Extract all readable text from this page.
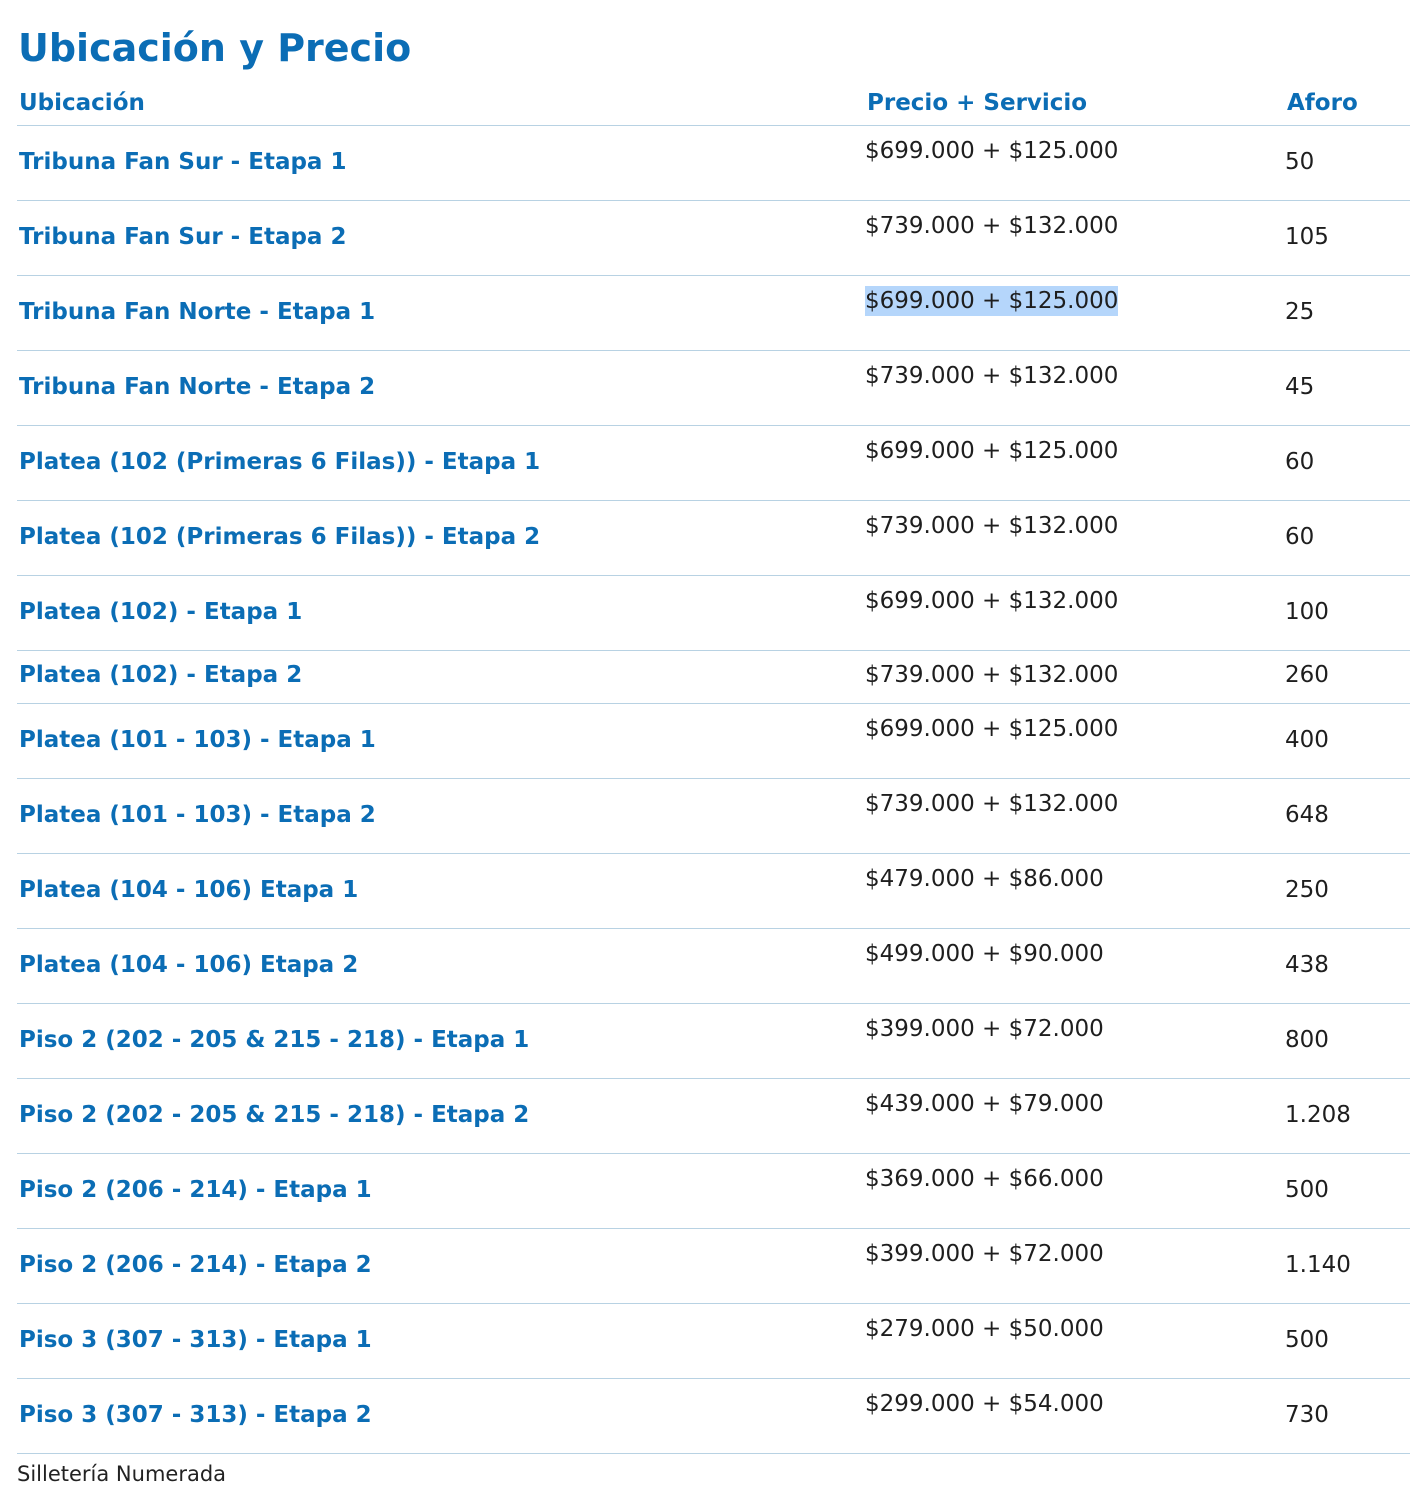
Ubicación y Precio
Ubicación	Precio + Servicio	Aforo
Tribuna Fan Sur - Etapa 1	$699.000 + $125.000	50
Tribuna Fan Sur - Etapa 2	$739.000 + $132.000	105
Tribuna Fan Norte - Etapa 1	$699.000 + $125.000	25
Tribuna Fan Norte - Etapa 2	$739.000 + $132.000	45
Platea (102 (Primeras 6 Filas)) - Etapa 1	$699.000 + $125.000	60
Platea (102 (Primeras 6 Filas)) - Etapa 2	$739.000 + $132.000	60
Platea (102) - Etapa 1	$699.000 + $132.000	100
Platea (102) - Etapa 2	$739.000 + $132.000	260
Platea (101 - 103) - Etapa 1	$699.000 + $125.000	400
Platea (101 - 103) - Etapa 2	$739.000 + $132.000	648
Platea (104 - 106) Etapa 1	$479.000 + $86.000	250
Platea (104 - 106) Etapa 2	$499.000 + $90.000	438
Piso 2 (202 - 205 & 215 - 218) - Etapa 1	$399.000 + $72.000	800
Piso 2 (202 - 205 & 215 - 218) - Etapa 2	$439.000 + $79.000	1.208
Piso 2 (206 - 214) - Etapa 1	$369.000 + $66.000	500
Piso 2 (206 - 214) - Etapa 2	$399.000 + $72.000	1.140
Piso 3 (307 - 313) - Etapa 1	$279.000 + $50.000	500
Piso 3 (307 - 313) - Etapa 2	$299.000 + $54.000	730
Silletería Numerada
